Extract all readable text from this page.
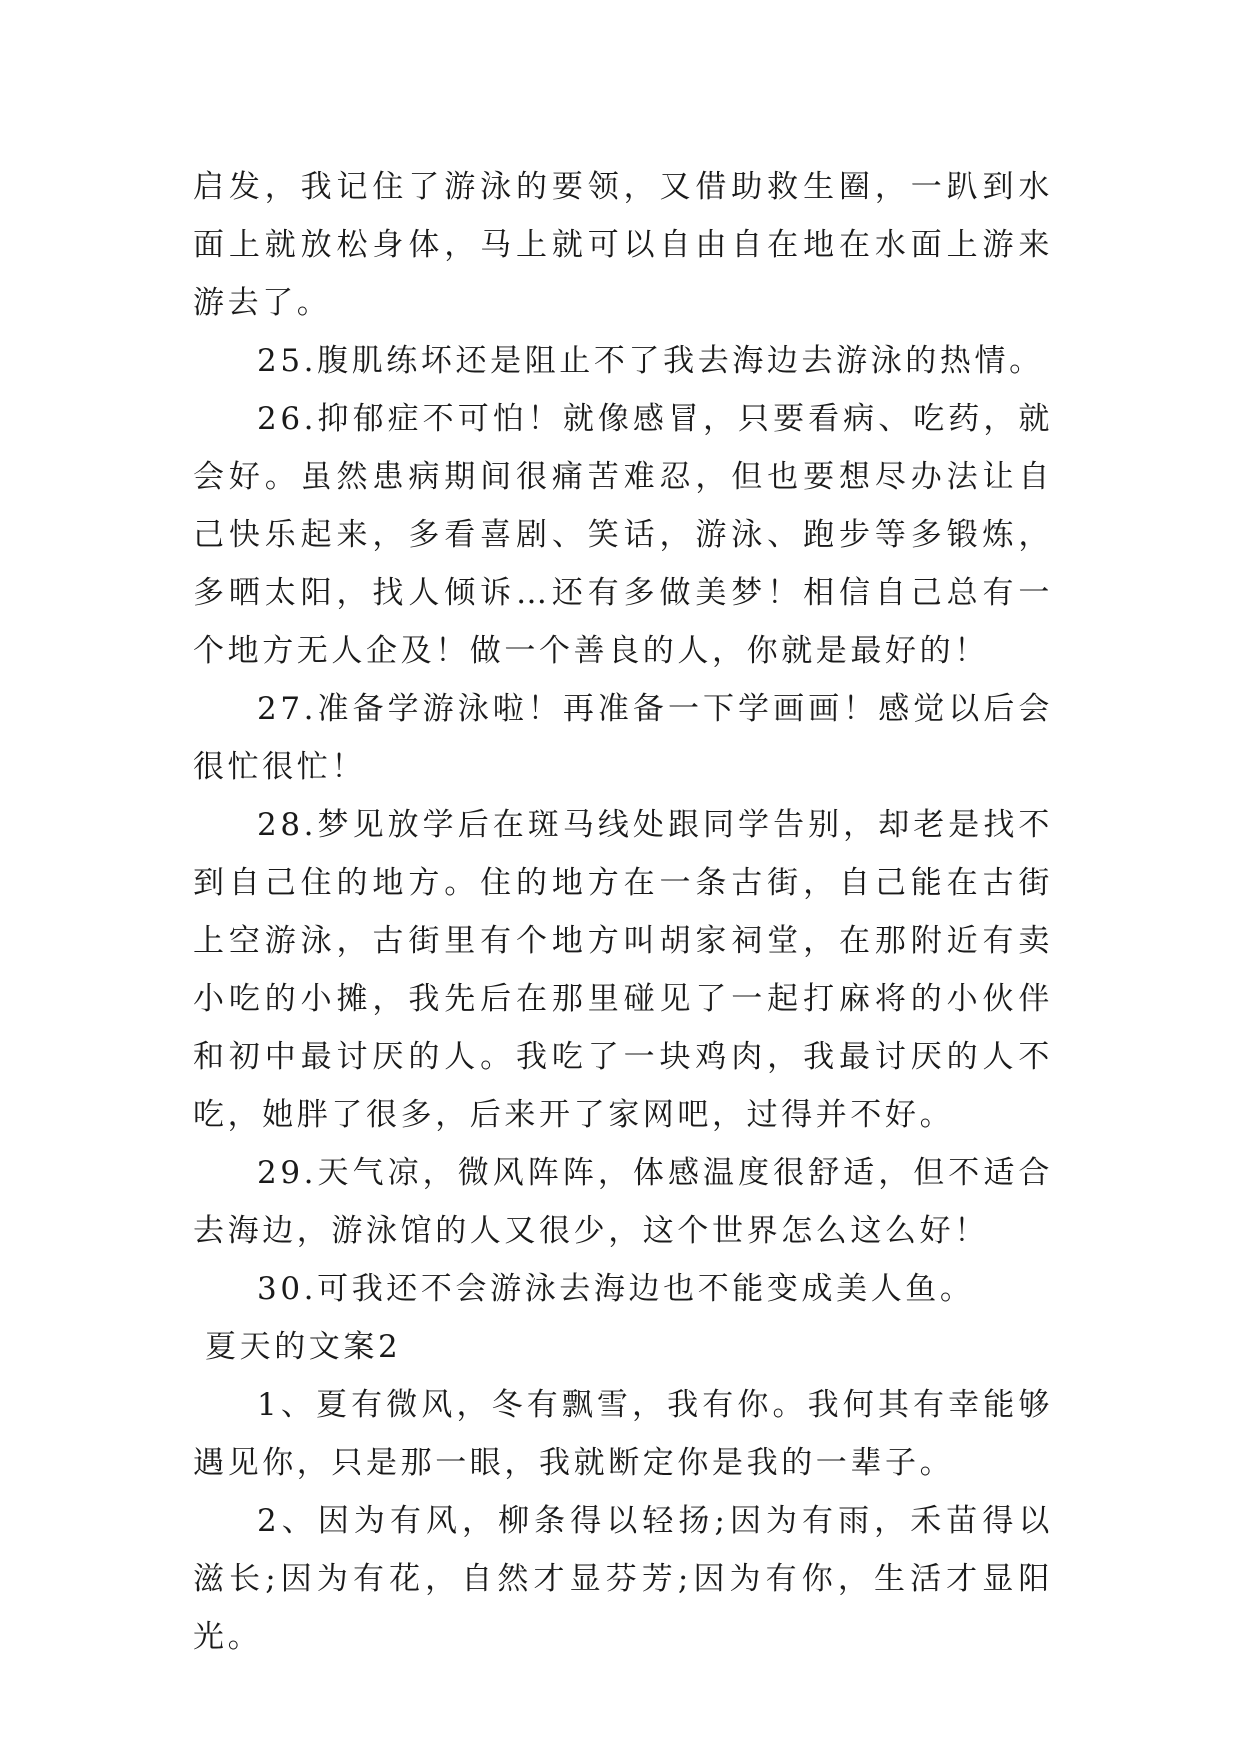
启发，我记住了游泳的要领，又借助救生圈，一趴到水面上就放松身体，马上就可以自由自在地在水面上游来游去了。

25.腹肌练坏还是阻止不了我去海边去游泳的热情。

26.抑郁症不可怕！就像感冒，只要看病、吃药，就会好。虽然患病期间很痛苦难忍，但也要想尽办法让自己快乐起来，多看喜剧、笑话，游泳、跑步等多锻炼，多晒太阳，找人倾诉…还有多做美梦！相信自己总有一个地方无人企及！做一个善良的人，你就是最好的！

27.准备学游泳啦！再准备一下学画画！感觉以后会很忙很忙！

28.梦见放学后在斑马线处跟同学告别，却老是找不到自己住的地方。住的地方在一条古街，自己能在古街上空游泳，古街里有个地方叫胡家祠堂，在那附近有卖小吃的小摊，我先后在那里碰见了一起打麻将的小伙伴和初中最讨厌的人。我吃了一块鸡肉，我最讨厌的人不吃，她胖了很多，后来开了家网吧，过得并不好。

29.天气凉，微风阵阵，体感温度很舒适，但不适合去海边，游泳馆的人又很少，这个世界怎么这么好！

30.可我还不会游泳去海边也不能变成美人鱼。

夏天的文案2

1、夏有微风，冬有飘雪，我有你。我何其有幸能够遇见你，只是那一眼，我就断定你是我的一辈子。

2、因为有风，柳条得以轻扬;因为有雨，禾苗得以滋长;因为有花，自然才显芬芳;因为有你，生活才显阳光。
